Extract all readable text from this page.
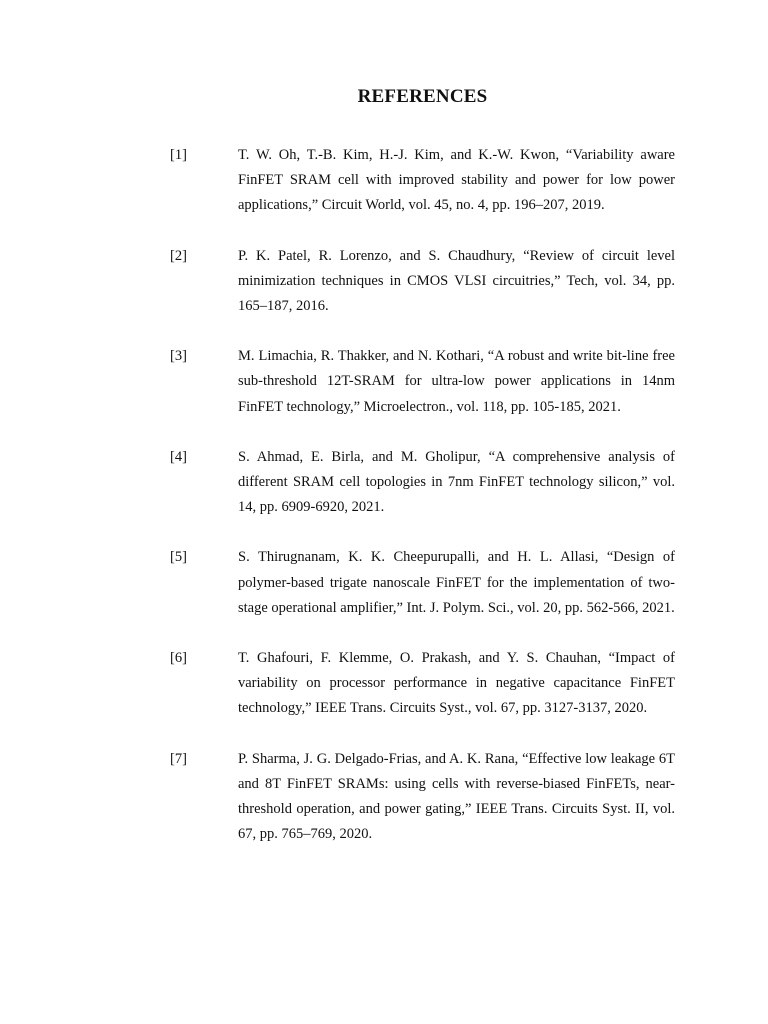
REFERENCES
[1]	T. W. Oh, T.-B. Kim, H.-J. Kim, and K.-W. Kwon, “Variability aware FinFET SRAM cell with improved stability and power for low power applications,” Circuit World, vol. 45, no. 4, pp. 196–207, 2019.
[2]	P. K. Patel, R. Lorenzo, and S. Chaudhury, “Review of circuit level minimization techniques in CMOS VLSI circuitries,” Tech, vol. 34, pp. 165–187, 2016.
[3]	M. Limachia, R. Thakker, and N. Kothari, “A robust and write bit-line free sub-threshold 12T-SRAM for ultra-low power applications in 14nm FinFET technology,” Microelectron., vol. 118, pp. 105-185, 2021.
[4]	S. Ahmad, E. Birla, and M. Gholipur, “A comprehensive analysis of different SRAM cell topologies in 7nm FinFET technology silicon,” vol. 14, pp. 6909-6920, 2021.
[5]	S. Thirugnanam, K. K. Cheepurupalli, and H. L. Allasi, “Design of polymer-based trigate nanoscale FinFET for the implementation of two-stage operational amplifier,” Int. J. Polym. Sci., vol. 20, pp. 562-566, 2021.
[6]	T. Ghafouri, F. Klemme, O. Prakash, and Y. S. Chauhan, “Impact of variability on processor performance in negative capacitance FinFET technology,” IEEE Trans. Circuits Syst., vol. 67, pp. 3127-3137, 2020.
[7]	P. Sharma, J. G. Delgado-Frias, and A. K. Rana, “Effective low leakage 6T and 8T FinFET SRAMs: using cells with reverse-biased FinFETs, near-threshold operation, and power gating,” IEEE Trans. Circuits Syst. II, vol. 67, pp. 765–769, 2020.
